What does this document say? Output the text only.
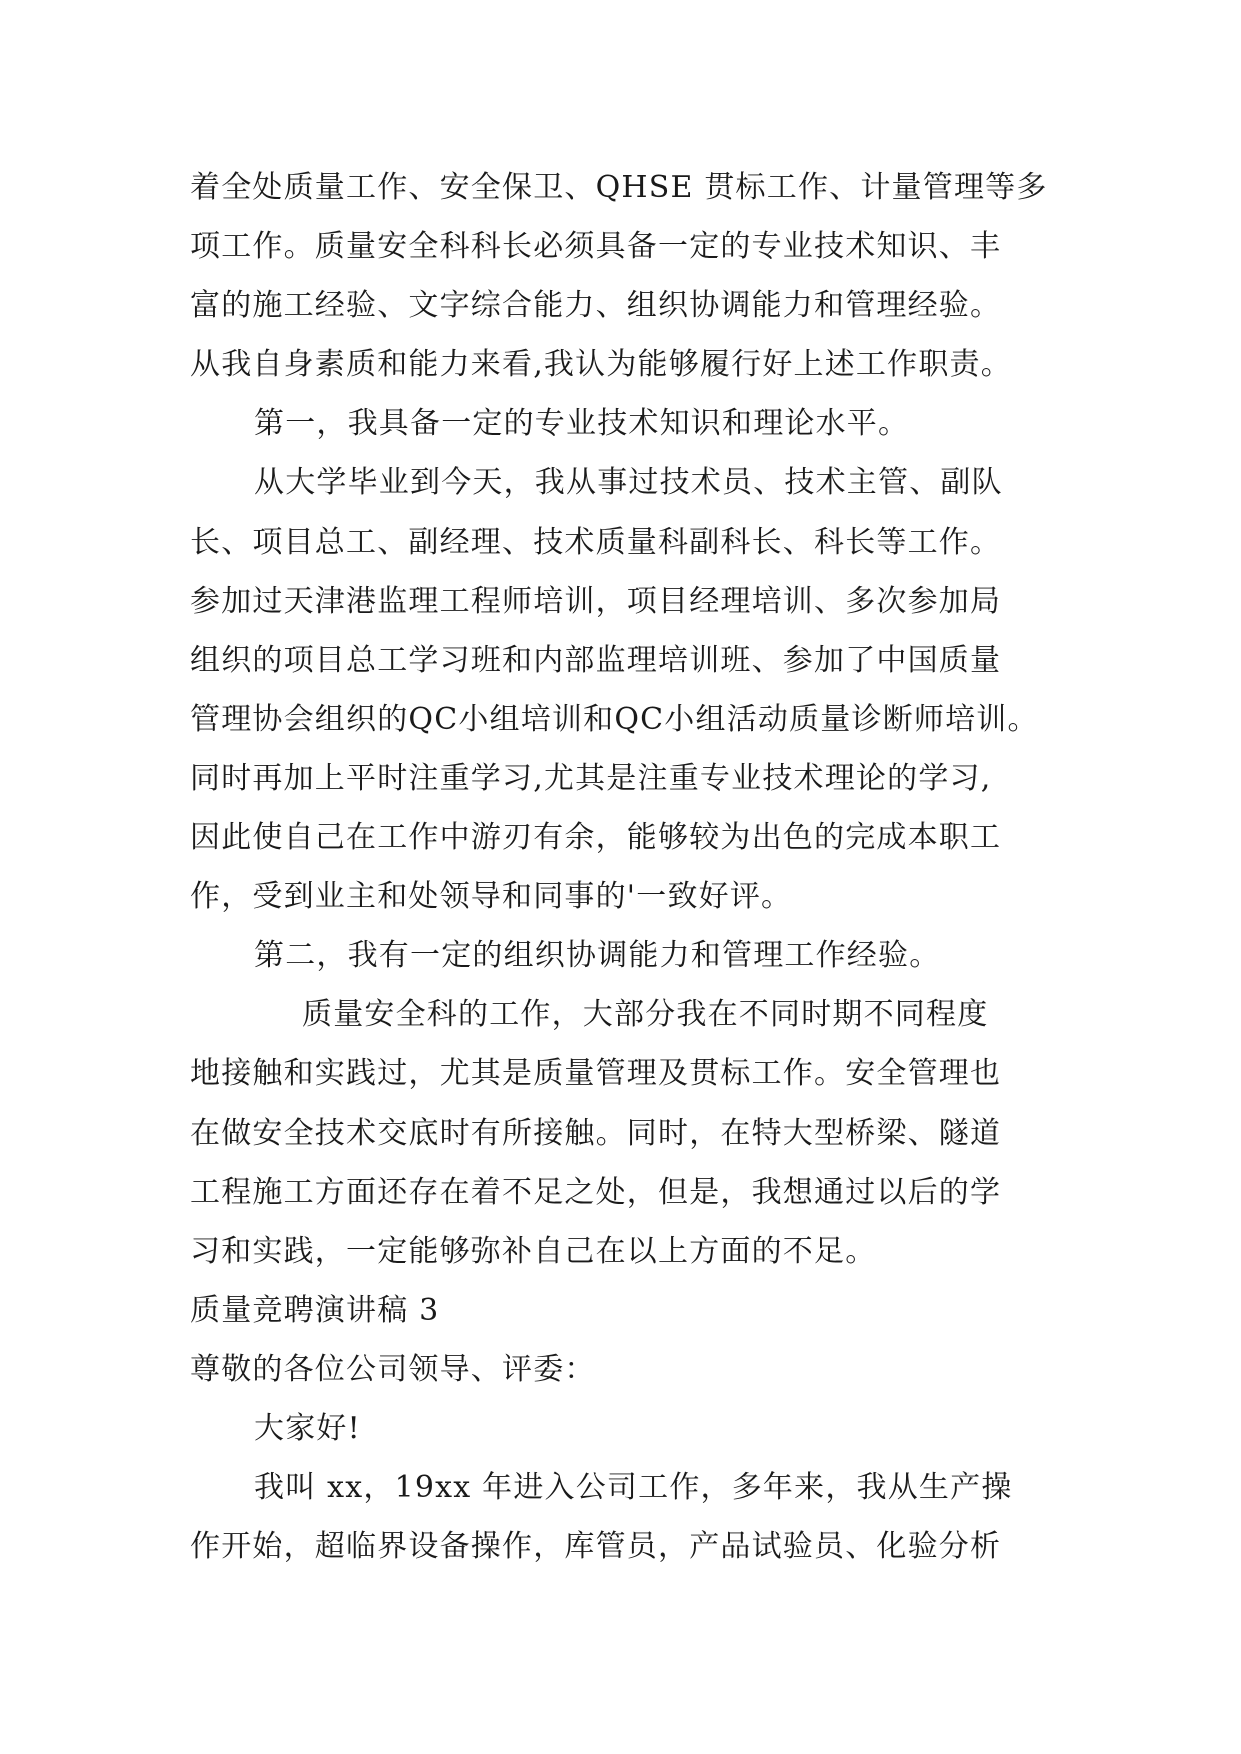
着全处质量工作、安全保卫、QHSE 贯标工作、计量管理等多
项工作。质量安全科科长必须具备一定的专业技术知识、丰
富的施工经验、文字综合能力、组织协调能力和管理经验。
从我自身素质和能力来看,我认为能够履行好上述工作职责。
第一，我具备一定的专业技术知识和理论水平。
从大学毕业到今天，我从事过技术员、技术主管、副队
长、项目总工、副经理、技术质量科副科长、科长等工作。
参加过天津港监理工程师培训，项目经理培训、多次参加局
组织的项目总工学习班和内部监理培训班、参加了中国质量
管理协会组织的QC小组培训和QC小组活动质量诊断师培训。
同时再加上平时注重学习,尤其是注重专业技术理论的学习,
因此使自己在工作中游刃有余，能够较为出色的完成本职工
作，受到业主和处领导和同事的'一致好评。
第二，我有一定的组织协调能力和管理工作经验。
质量安全科的工作，大部分我在不同时期不同程度
地接触和实践过，尤其是质量管理及贯标工作。安全管理也
在做安全技术交底时有所接触。同时，在特大型桥梁、隧道
工程施工方面还存在着不足之处，但是，我想通过以后的学
习和实践，一定能够弥补自己在以上方面的不足。
质量竞聘演讲稿 3
尊敬的各位公司领导、评委：
大家好!
我叫 xx，19xx 年进入公司工作，多年来，我从生产操
作开始，超临界设备操作，库管员，产品试验员、化验分析
